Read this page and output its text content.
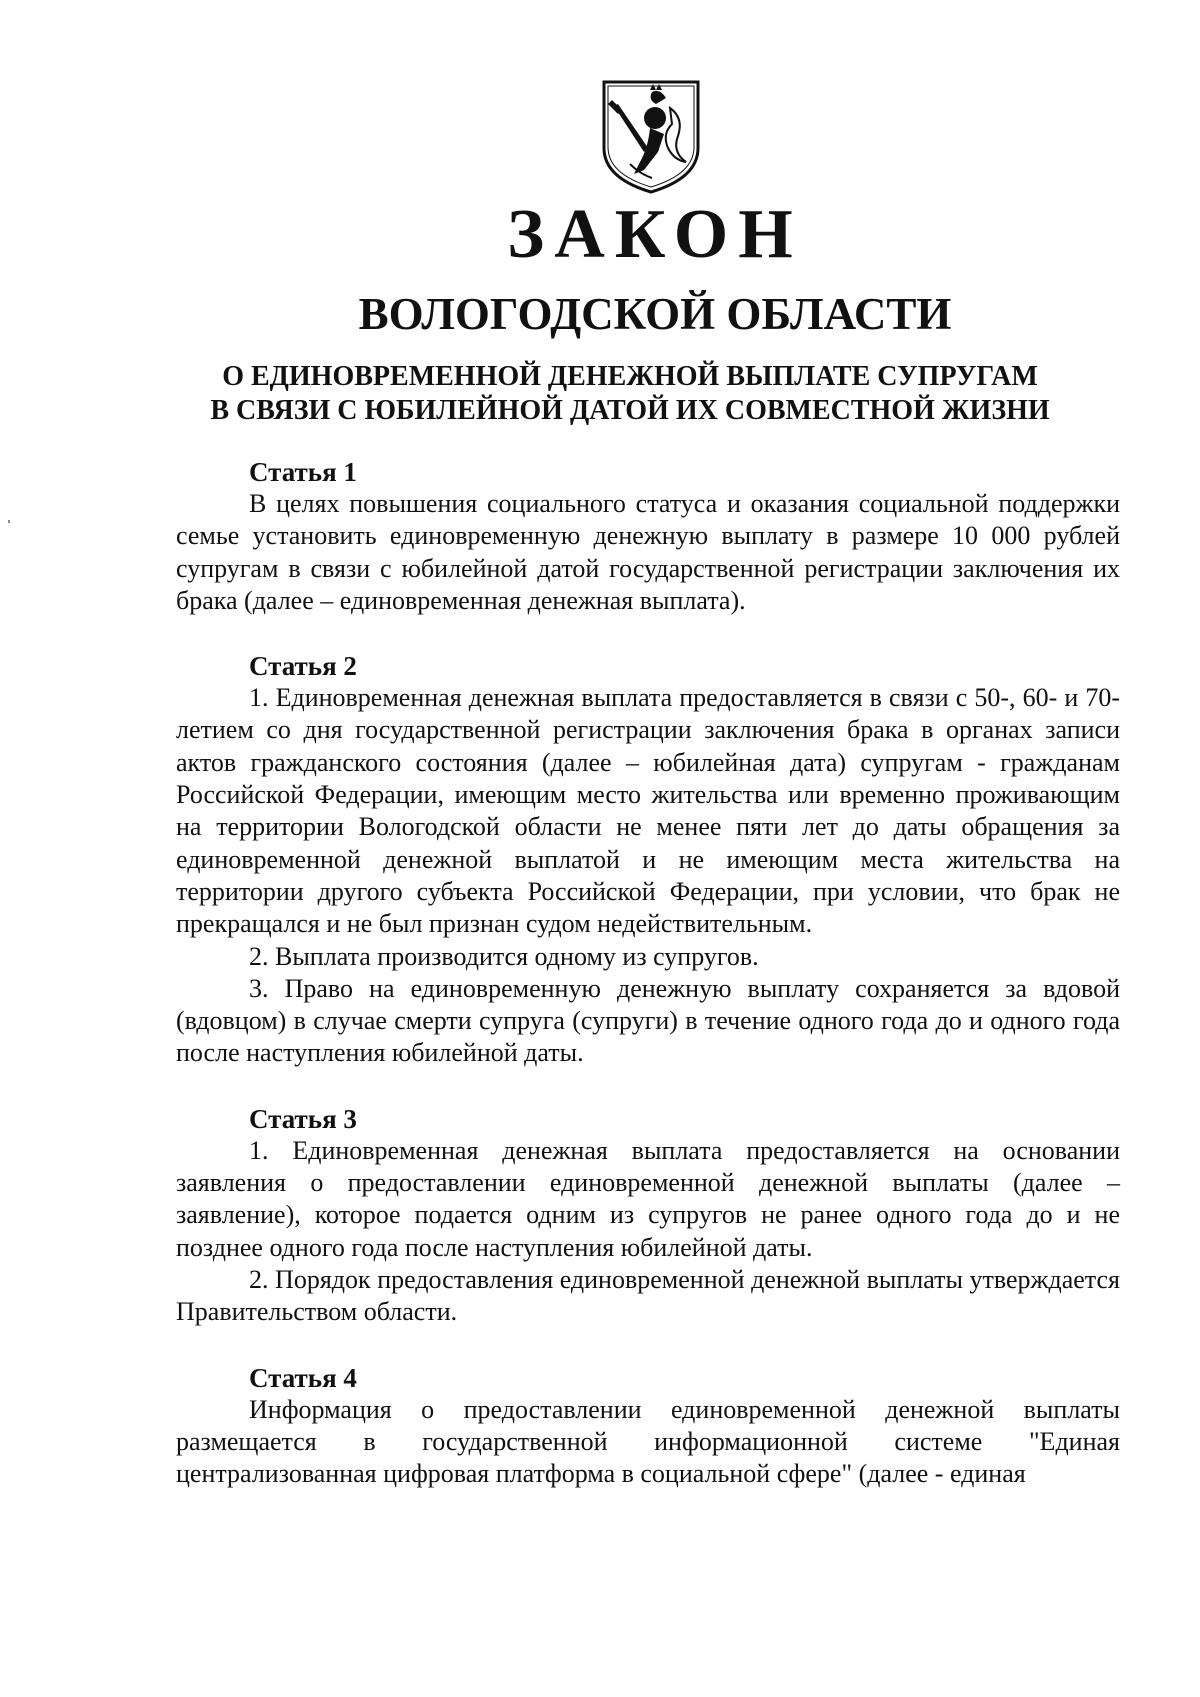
ЗАКОН
ВОЛОГОДСКОЙ ОБЛАСТИ
О ЕДИНОВРЕМЕННОЙ ДЕНЕЖНОЙ ВЫПЛАТЕ СУПРУГАМ
В СВЯЗИ С ЮБИЛЕЙНОЙ ДАТОЙ ИХ СОВМЕСТНОЙ ЖИЗНИ
Статья 1

В целях повышения социального статуса и оказания социальной поддержки семье установить единовременную денежную выплату в размере 10 000 рублей супругам в связи с юбилейной датой государственной регистрации заключения их брака (далее – единовременная денежная выплата).

Статья 2

1. Единовременная денежная выплата предоставляется в связи с 50-, 60- и 70-летием со дня государственной регистрации заключения брака в органах записи актов гражданского состояния (далее – юбилейная дата) супругам - гражданам Российской Федерации, имеющим место жительства или временно проживающим на территории Вологодской области не менее пяти лет до даты обращения за единовременной денежной выплатой и не имеющим места жительства на территории другого субъекта Российской Федерации, при условии, что брак не прекращался и не был признан судом недействительным.

2. Выплата производится одному из супругов.

3. Право на единовременную денежную выплату сохраняется за вдовой (вдовцом) в случае смерти супруга (супруги) в течение одного года до и одного года после наступления юбилейной даты.

Статья 3

1. Единовременная денежная выплата предоставляется на основании заявления о предоставлении единовременной денежной выплаты (далее – заявление), которое подается одним из супругов не ранее одного года до и не позднее одного года после наступления юбилейной даты.

2. Порядок предоставления единовременной денежной выплаты утверждается Правительством области.

Статья 4

Информация о предоставлении единовременной денежной выплаты размещается в государственной информационной системе "Единая централизованная цифровая платформа в социальной сфере" (далее - единая
